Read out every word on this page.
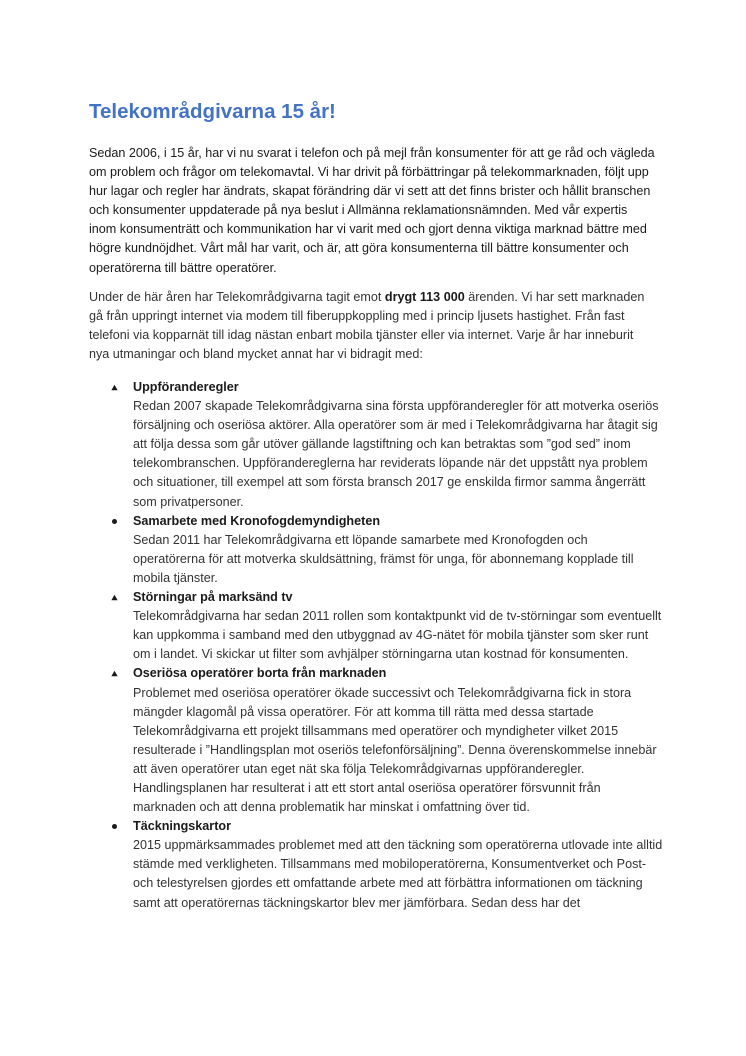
Telekområdgivarna 15 år!

Sedan 2006, i 15 år, har vi nu svarat i telefon och på mejl från konsumenter för att ge råd och vägleda om problem och frågor om telekomavtal. Vi har drivit på förbättringar på telekommarknaden, följt upp hur lagar och regler har ändrats, skapat förändring där vi sett att det finns brister och hållit branschen och konsumenter uppdaterade på nya beslut i Allmänna reklamationsnämnden. Med vår expertis inom konsumenträtt och kommunikation har vi varit med och gjort denna viktiga marknad bättre med högre kundnöjdhet. Vårt mål har varit, och är, att göra konsumenterna till bättre konsumenter och operatörerna till bättre operatörer.

Under de här åren har Telekområdgivarna tagit emot drygt 113 000 ärenden. Vi har sett marknaden gå från uppringt internet via modem till fiberuppkoppling med i princip ljusets hastighet. Från fast telefoni via kopparnät till idag nästan enbart mobila tjänster eller via internet. Varje år har inneburit nya utmaningar och bland mycket annat har vi bidragit med:

Uppföranderegler
Redan 2007 skapade Telekområdgivarna sina första uppföranderegler för att motverka oseriös försäljning och oseriösa aktörer. Alla operatörer som är med i Telekområdgivarna har åtagit sig att följa dessa som går utöver gällande lagstiftning och kan betraktas som ”god sed” inom telekombranschen. Uppförandereglerna har reviderats löpande när det uppstått nya problem och situationer, till exempel att som första bransch 2017 ge enskilda firmor samma ångerrätt som privatpersoner.
Samarbete med Kronofogdemyndigheten
Sedan 2011 har Telekområdgivarna ett löpande samarbete med Kronofogden och operatörerna för att motverka skuldsättning, främst för unga, för abonnemang kopplade till mobila tjänster.
Störningar på marksänd tv
Telekområdgivarna har sedan 2011 rollen som kontaktpunkt vid de tv-störningar som eventuellt kan uppkomma i samband med den utbyggnad av 4G-nätet för mobila tjänster som sker runt om i landet. Vi skickar ut filter som avhjälper störningarna utan kostnad för konsumenten.
Oseriösa operatörer borta från marknaden
Problemet med oseriösa operatörer ökade successivt och Telekområdgivarna fick in stora mängder klagomål på vissa operatörer. För att komma till rätta med dessa startade Telekområdgivarna ett projekt tillsammans med operatörer och myndigheter vilket 2015 resulterade i ”Handlingsplan mot oseriös telefonförsäljning”. Denna överenskommelse innebär att även operatörer utan eget nät ska följa Telekområdgivarnas uppföranderegler. Handlingsplanen har resulterat i att ett stort antal oseriösa operatörer försvunnit från marknaden och att denna problematik har minskat i omfattning över tid.
Täckningskartor
2015 uppmärksammades problemet med att den täckning som operatörerna utlovade inte alltid stämde med verkligheten. Tillsammans med mobiloperatörerna, Konsumentverket och Post- och telestyrelsen gjordes ett omfattande arbete med att förbättra informationen om täckning samt att operatörernas täckningskartor blev mer jämförbara. Sedan dess har det
